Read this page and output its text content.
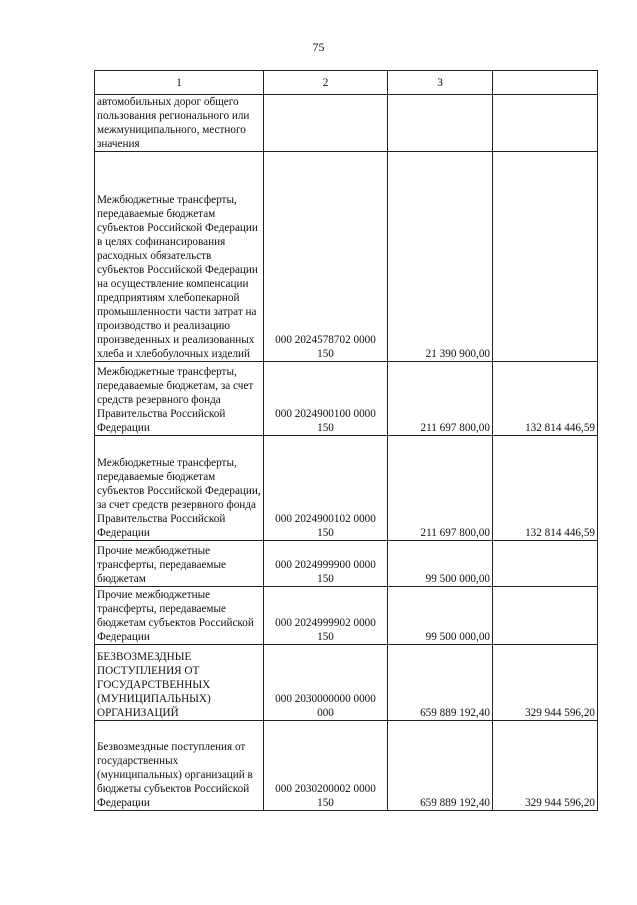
75
1	2	3	
автомобильных дорог общего пользования регионального или межмуниципального, местного значения			
Межбюджетные трансферты, передаваемые бюджетам субъектов Российской Федерации в целях софинансирования расходных обязательств субъектов Российской Федерации на осуществление компенсации предприятиям хлебопекарной промышленности части затрат на производство и реализацию произведенных и реализованных хлеба и хлебобулочных изделий	000 2024578702 0000 150	21 390 900,00	
Межбюджетные трансферты, передаваемые бюджетам, за счет средств резервного фонда Правительства Российской Федерации	000 2024900100 0000 150	211 697 800,00	132 814 446,59
Межбюджетные трансферты, передаваемые бюджетам субъектов Российской Федерации, за счет средств резервного фонда Правительства Российской Федерации	000 2024900102 0000 150	211 697 800,00	132 814 446,59
Прочие межбюджетные трансферты, передаваемые бюджетам	000 2024999900 0000 150	99 500 000,00	
Прочие межбюджетные трансферты, передаваемые бюджетам субъектов Российской Федерации	000 2024999902 0000 150	99 500 000,00	
БЕЗВОЗМЕЗДНЫЕ ПОСТУПЛЕНИЯ ОТ ГОСУДАРСТВЕННЫХ (МУНИЦИПАЛЬНЫХ) ОРГАНИЗАЦИЙ	000 2030000000 0000 000	659 889 192,40	329 944 596,20
Безвозмездные поступления от государственных (муниципальных) организаций в бюджеты субъектов Российской Федерации	000 2030200002 0000 150	659 889 192,40	329 944 596,20
